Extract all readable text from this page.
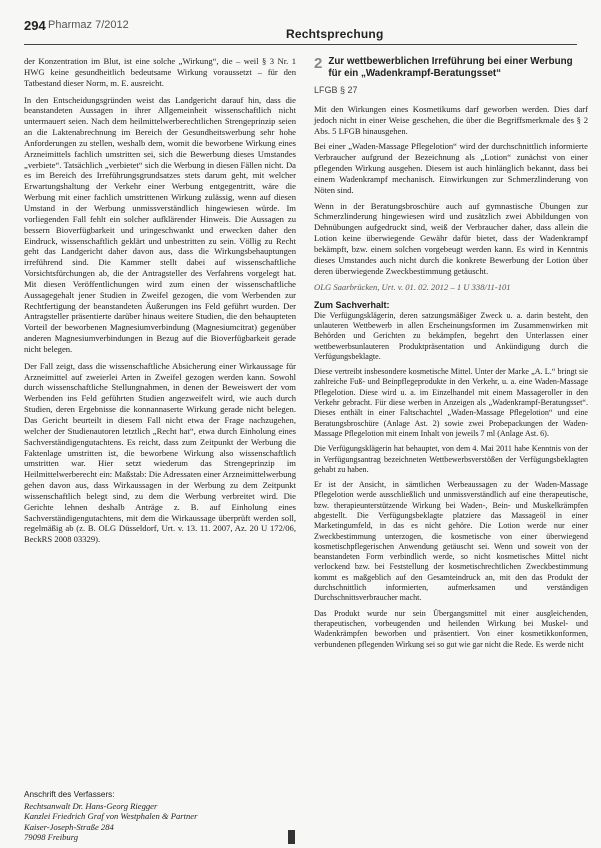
294 Pharmaz 7/2012
Rechtsprechung

der Konzentration im Blut, ist eine solche „Wirkung“, die – weil § 3 Nr. 1 HWG keine gesundheitlich bedeutsame Wirkung voraussetzt – für den Tatbestand dieser Norm, m. E. ausreicht.

In den Entscheidungsgründen weist das Landgericht darauf hin, dass die beanstandeten Aussagen in ihrer Allgemeinheit wissenschaftlich nicht untermauert seien. Nach dem heilmittelwerberechtlichen Strengeprinzip seien an die Laktenabrechnung im Bereich der Gesundheitswerbung sehr hohe Anforderungen zu stellen, weshalb dem, womit die beworbene Wirkung eines Arzneimittels fachlich umstritten sei, sich die Bewerbung dieses Umstandes „verbiete“. Tatsächlich „verbietet“ sich die Werbung in diesen Fällen nicht. Da es im Bereich des Irreführungsgrundsatzes stets darum geht, mit welcher Erwartungshaltung der Verkehr einer Werbung entgegentritt, wäre die Werbung mit einer fachlich umstrittenen Wirkung zulässig, wenn auf diesen Umstand in der Werbung unmissverständlich hingewiesen würde. Im vorliegenden Fall fehlt ein solcher aufklärender Hinweis. Die Aussagen zu bessern Bioverfügbarkeit und uringeschwankt und erwecken daher den Eindruck, wissenschaftlich geklärt und unbestritten zu sein. Völlig zu Recht geht das Landgericht daher davon aus, dass die Wirkungsbehauptungen irreführend sind. Die Kammer stellt dabei auf wissenschaftliche Vorsichtsfürchungen ab, die der Antragsteller des Verfahrens vorgelegt hat. Mit diesen Veröffentlichungen wird zum einen der wissenschaftliche Aussagegehalt jener Studien in Zweifel gezogen, die vom Werbenden zur Rechtfertigung der beanstandeten Äußerungen ins Feld geführt wurden. Der Antragsteller präsentierte darüber hinaus weitere Studien, die den behaupteten Vorteil der beworbenen Magnesiumverbindung (Magnesiumcitrat) gegenüber anderen Magnesiumverbindungen in Bezug auf die Bioverfügbarkeit gerade nicht belegen.

Der Fall zeigt, dass die wissenschaftliche Absicherung einer Wirkaussage für Arzneimittel auf zweierlei Arten in Zweifel gezogen werden kann. Sowohl durch wissenschaftliche Stellungnahmen, in denen der Beweiswert der vom Werbenden ins Feld geführten Studien angezweifelt wird, wie auch durch Studien, deren Ergebnisse die konnannaserte Wirkung gerade nicht belegen. Das Gericht beurteilt in diesem Fall nicht etwa der Frage nachzugehen, welcher der Studienautoren letztlich „Recht hat“, etwa durch Einholung eines Sachverständigengutachtens. Es reicht, dass zum Zeitpunkt der Werbung die Faktenlage umstritten ist, die beworbene Wirkung also wissenschaftlich umstritten war. Hier setzt wiederum das Strengeprinzip im Heilmittelwerberecht ein: Maßstab: Die Adressaten einer Arzneimittelwerbung gehen davon aus, dass Wirkaussagen in der Werbung zu dem Zeitpunkt wissenschaftlich belegt sind, zu dem die Werbung verbreitet wird. Die Gerichte lehnen deshalb Anträge z. B. auf Einholung eines Sachverständigengutachtens, mit dem die Wirkaussage überprüft werden soll, regelmäßig ab (z. B. OLG Düsseldorf, Urt. v. 13. 11. 2007, Az. 20 U 172/06, BeckRS 2008 03329).

Anschrift des Verfassers:
Rechtsanwalt Dr. Hans-Georg Riegger
Kanzlei Friedrich Graf von Westphalen & Partner
Kaiser-Joseph-Straße 284
79098 Freiburg
2 Zur wettbewerblichen Irreführung bei einer Werbung für ein „Wadenkrampf-Beratungsset“
LFGB § 27

Mit den Wirkungen eines Kosmetikums darf geworben werden. Dies darf jedoch nicht in einer Weise geschehen, die über die Begriffsmerkmale des § 2 Abs. 5 LFGB hinausgehen.

Bei einer „Waden-Massage Pflegelotion“ wird der durchschnittlich informierte Verbraucher aufgrund der Bezeichnung als „Lotion“ zunächst von einer pflegenden Wirkung ausgehen. Diesem ist auch hinlänglich bekannt, dass bei einem Wadenkrampf mechanisch. Einwirkungen zur Schmerzlinderung von Nöten sind.

Wenn in der Beratungsbroschüre auch auf gymnastische Übungen zur Schmerzlinderung hingewiesen wird und zusätzlich zwei Abbildungen von Dehnübungen aufgedruckt sind, weiß der Verbraucher daher, dass allein die Lotion keine überwiegende Gewähr dafür bietet, dass der Wadenkrampf bekämpft, bzw. einem solchen vorgebeugt werden kann. Es wird in Kenntnis dieses Umstandes auch nicht durch die konkrete Bewerbung der Lotion über deren überwiegende Zweckbestimmung getäuscht.

OLG Saarbrücken, Urt. v. 01. 02. 2012 – 1 U 338/11-101
Zum Sachverhalt:

Die Verfügungsklägerin, deren satzungsmäßiger Zweck u. a. darin besteht, den unlauteren Wettbewerb in allen Erscheinungsformen im Zusammenwirken mit Behörden und Gerichten zu bekämpfen, begehrt den Unterlassen einer wettbewerbsunlauteren Produktpräsentation und Ankündigung durch die Verfügungsbeklagte.

Diese vertreibt insbesondere kosmetische Mittel. Unter der Marke „A. L.“ bringt sie zahlreiche Fuß- und Beinpflegeprodukte in den Verkehr, u. a. eine Waden-Massage Pflegelotion. Diese wird u. a. im Einzelhandel mit einem Massageroller in den Verkehr gebracht. Für diese werben in Anzeigen als „Wadenkrampf-Beratungsset“. Dieses enthält in einer Faltschachtel „Waden-Massage Pflegelotion“ und eine Beratungsbroschüre (Anlage Ast. 2) sowie zwei Probepackungen der Waden-Massage Pflegelotion mit einem Inhalt von jeweils 7 ml (Anlage Ast. 6).

Die Verfügungsklägerin hat behauptet, von dem 4. Mai 2011 habe Kenntnis von der in Verfügungsantrag bezeichneten Wettbewerbsverstößen der Verfügungsbeklagten gehabt zu haben.

Er ist der Ansicht, in sämtlichen Werbeaussagen zu der Waden-Massage Pflegelotion werde ausschließlich und unmissverständlich auf eine therapeutische, bzw. therapieunterstützende Wirkung bei Waden-, Bein- und Muskelkrämpfen abgestellt. Die Verfügungsbeklagte platziere das Massageöl in einer Marketingumfeld, in das es nicht gehöre. Die Lotion werde nur einer Zweckbestimmung unterzogen, die kosmetische von einer überwiegend kosmetischpflegerischen Anwendung getäuscht sei. Wenn und soweit von der beanstandeten Form verbindlich werde, so nicht kosmetisches Mittel nicht verlockend bzw. bei Feststellung der kosmetischrechtlichen Zweckbestimmung kommt es maßgeblich auf den Gesamteindruck an, mit den das Produkt der durchschnittlich informierten, aufmerksamen und verständigen Durchschnittsverbraucher macht.

Das Produkt wurde nur sein Übergangsmittel mit einer ausgleichenden, therapeutischen, vorbeugenden und heilenden Wirkung bei Muskel- und Wadenkrämpfen beworben und präsentiert. Von einer kosmetikkonformen, verbundenen pflegenden Wirkung sei so gut wie gar nicht die Rede. Es werde nicht
